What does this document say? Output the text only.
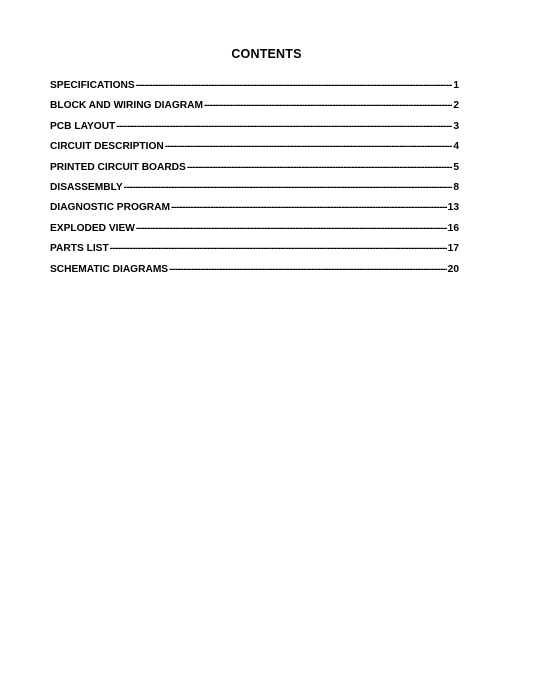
CONTENTS
SPECIFICATIONS -----	1
BLOCK AND WIRING DIAGRAM -----	2
PCB LAYOUT -----	3
CIRCUIT DESCRIPTION -----	4
PRINTED CIRCUIT BOARDS -----	5
DISASSEMBLY -----	8
DIAGNOSTIC PROGRAM -----	13
EXPLODED VIEW -----	16
PARTS LIST -----	17
SCHEMATIC DIAGRAMS -----	20
